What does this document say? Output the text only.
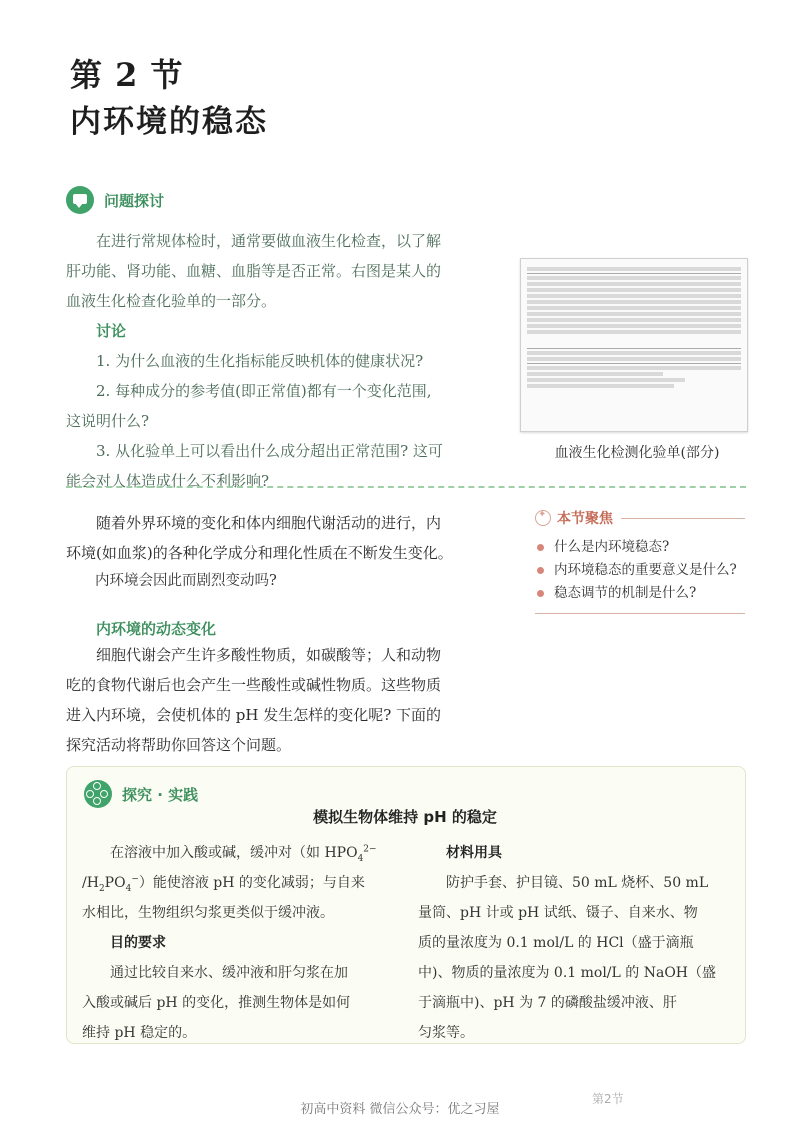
第 2 节
内环境的稳态
问题探讨

在进行常规体检时，通常要做血液生化检查，以了解

肝功能、肾功能、血糖、血脂等是否正常。右图是某人的

血液生化检查化验单的一部分。

讨论

1. 为什么血液的生化指标能反映机体的健康状况?

2. 每种成分的参考值(即正常值)都有一个变化范围,

这说明什么?

3. 从化验单上可以看出什么成分超出正常范围? 这可

能会对人体造成什么不利影响?

血液生化检测化验单(部分)

随着外界环境的变化和体内细胞代谢活动的进行，内

环境(如血浆)的各种化学成分和理化性质在不断发生变化。

内环境会因此而剧烈变动吗?
✦
本节聚焦
什么是内环境稳态?
内环境稳态的重要意义是什么?
稳态调节的机制是什么?
内环境的动态变化

细胞代谢会产生许多酸性物质，如碳酸等；人和动物

吃的食物代谢后也会产生一些酸性或碱性物质。这些物质

进入内环境，会使机体的 pH 发生怎样的变化呢? 下面的

探究活动将帮助你回答这个问题。

探究 · 实践
模拟生物体维持 pH 的稳定

在溶液中加入酸或碱，缓冲对（如 $HPO_4^{2-}$

$/H_2PO_4^-$）能使溶液 pH 的变化减弱；与自来

水相比，生物组织匀浆更类似于缓冲液。

目的要求

通过比较自来水、缓冲液和肝匀浆在加

入酸或碱后 pH 的变化，推测生物体是如何

维持 pH 稳定的。

材料用具

防护手套、护目镜、50 mL 烧杯、50 mL

量筒、pH 计或 pH 试纸、镊子、自来水、物

质的量浓度为 0.1 mol/L 的 HCl（盛于滴瓶

中)、物质的量浓度为 0.1 mol/L 的 NaOH（盛

于滴瓶中)、pH 为 7 的磷酸盐缓冲液、肝

匀浆等。

初高中资料 微信公众号：优之习屋
第2节
